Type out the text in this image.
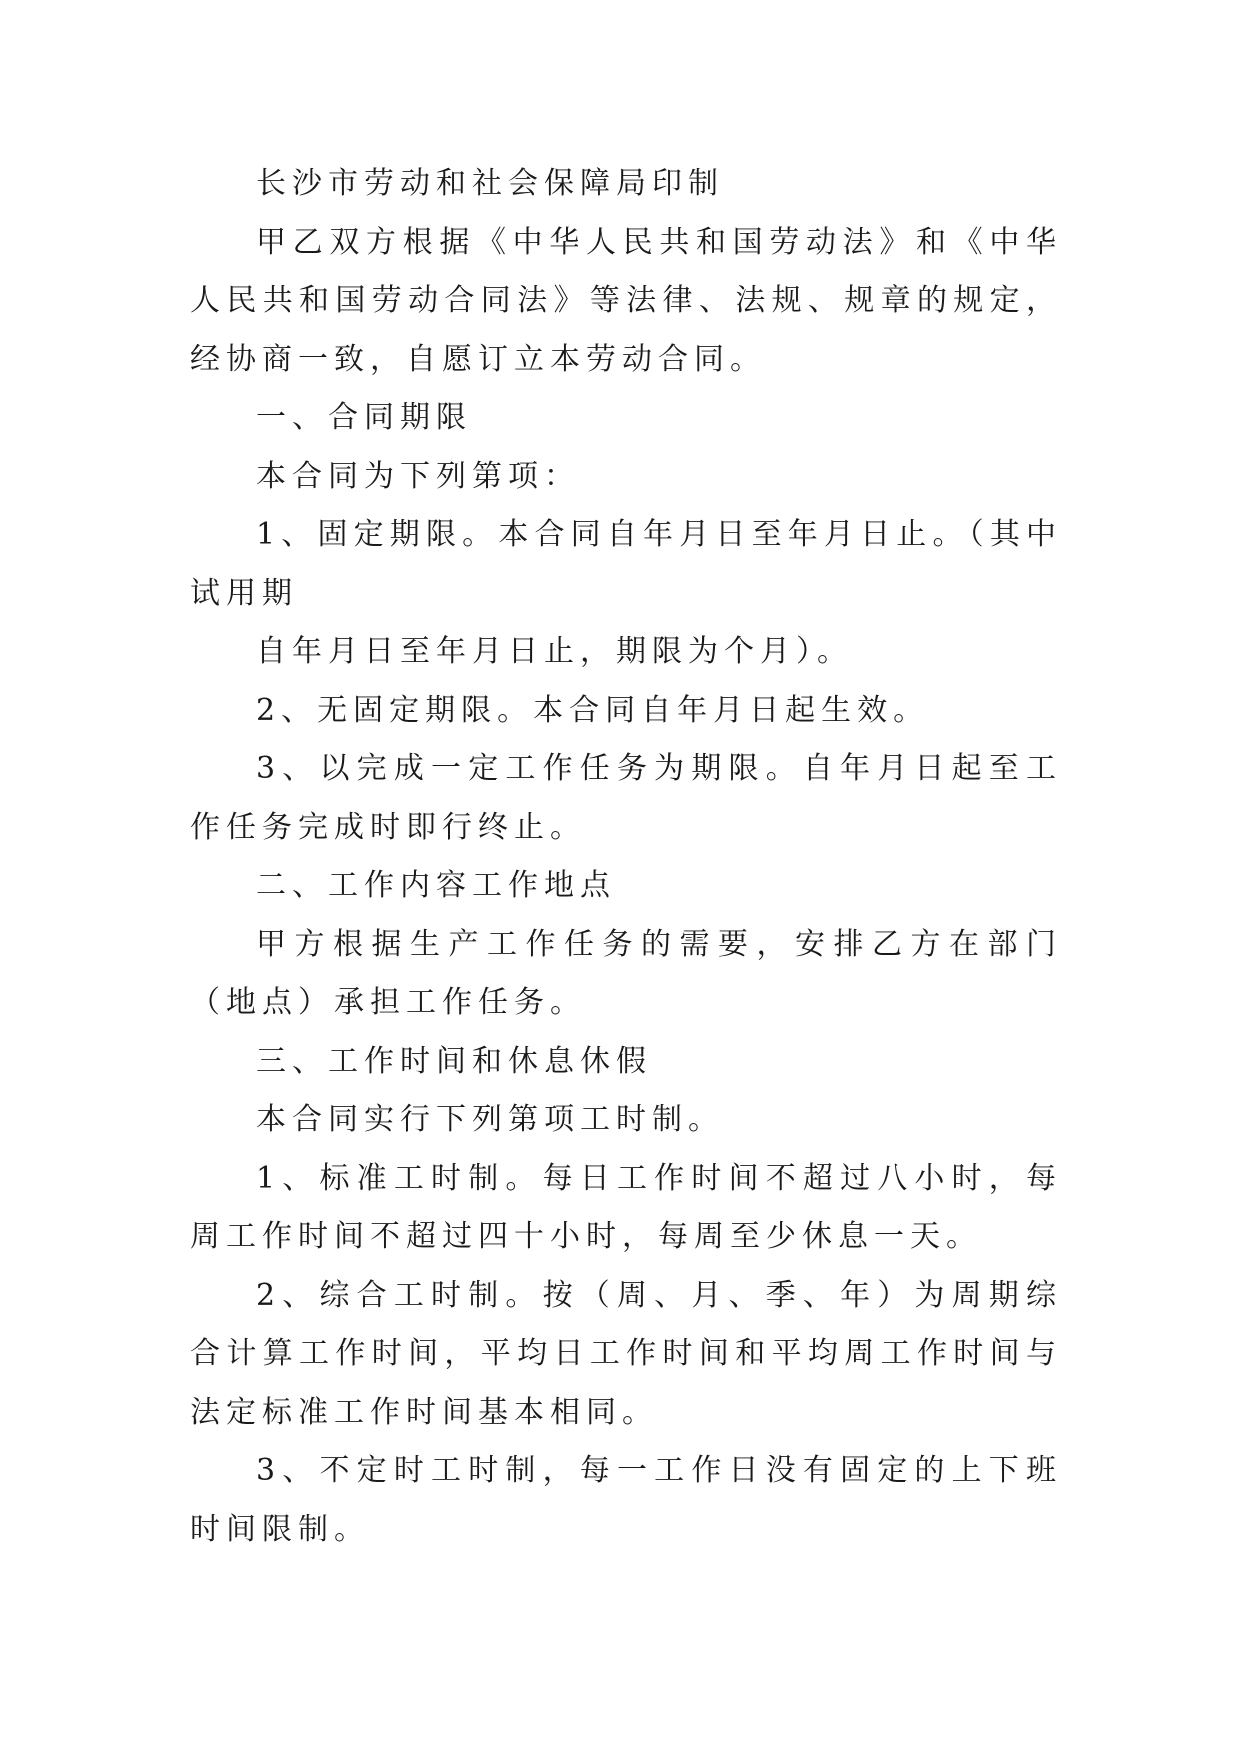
长沙市劳动和社会保障局印制

甲乙双方根据《中华人民共和国劳动法》和《中华人民共和国劳动合同法》等法律、法规、规章的规定，经协商一致，自愿订立本劳动合同。

一、合同期限

本合同为下列第项：

1、固定期限。本合同自年月日至年月日止。（其中试用期

自年月日至年月日止，期限为个月）。

2、无固定期限。本合同自年月日起生效。

3、以完成一定工作任务为期限。自年月日起至工作任务完成时即行终止。

二、工作内容工作地点

甲方根据生产工作任务的需要，安排乙方在部门（地点）承担工作任务。

三、工作时间和休息休假

本合同实行下列第项工时制。

1、标准工时制。每日工作时间不超过八小时，每周工作时间不超过四十小时，每周至少休息一天。

2、综合工时制。按（周、月、季、年）为周期综合计算工作时间，平均日工作时间和平均周工作时间与法定标准工作时间基本相同。

3、不定时工时制，每一工作日没有固定的上下班时间限制。
